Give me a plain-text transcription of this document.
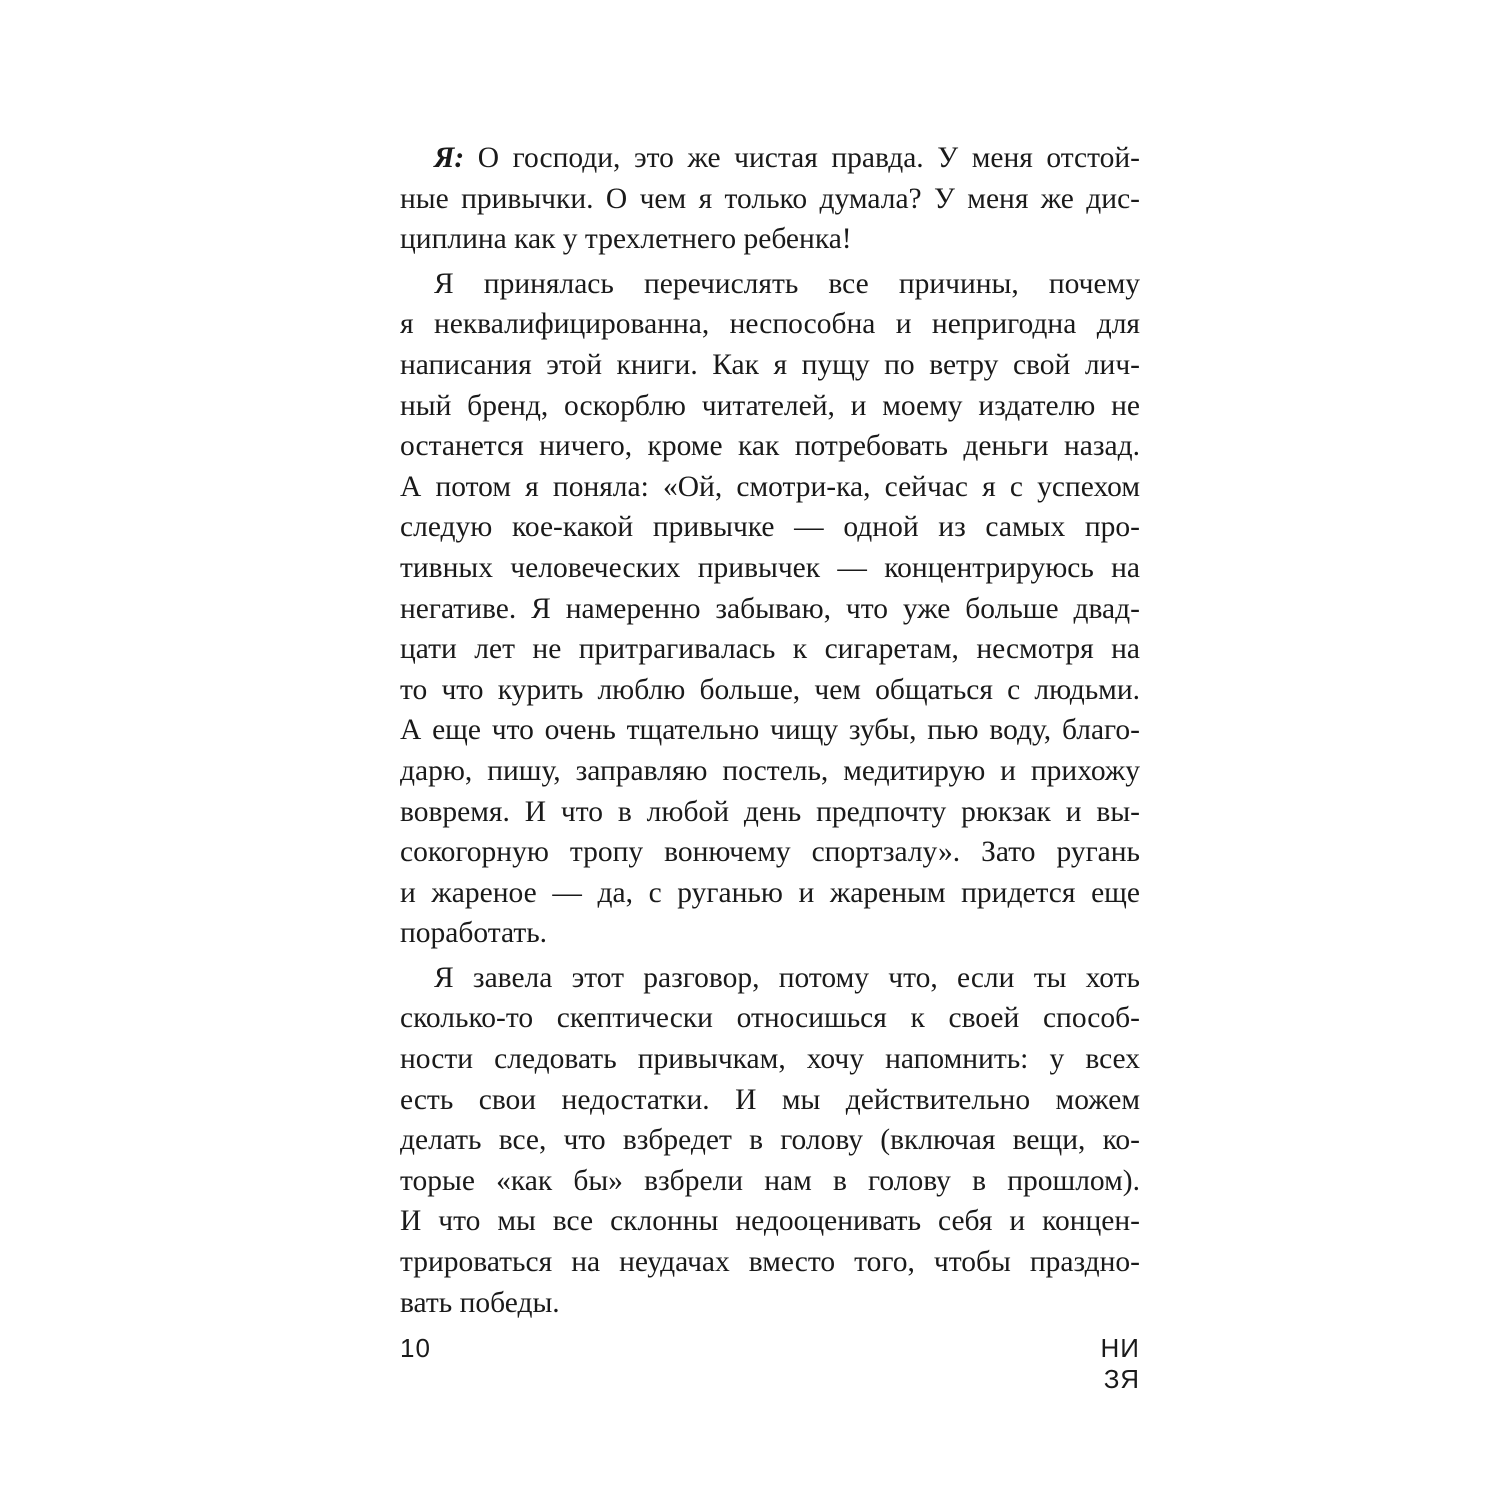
Я: О господи, это же чистая правда. У меня отстой-
ные привычки. О чем я только думала? У меня же дис-
циплина как у трехлетнего ребенка!
Я принялась перечислять все причины, почему
я неквалифицированна, неспособна и непригодна для
написания этой книги. Как я пущу по ветру свой лич-
ный бренд, оскорблю читателей, и моему издателю не
останется ничего, кроме как потребовать деньги назад.
А потом я поняла: «Ой, смотри-ка, сейчас я с успехом
следую кое-какой привычке — одной из самых про-
тивных человеческих привычек — концентрируюсь на
негативе. Я намеренно забываю, что уже больше двад-
цати лет не притрагивалась к сигаретам, несмотря на
то что курить люблю больше, чем общаться с людьми.
А еще что очень тщательно чищу зубы, пью воду, благо-
дарю, пишу, заправляю постель, медитирую и прихожу
вовремя. И что в любой день предпочту рюкзак и вы-
сокогорную тропу вонючему спортзалу». Зато ругань
и жареное — да, с руганью и жареным придется еще
поработать.
Я завела этот разговор, потому что, если ты хоть
сколько-то скептически относишься к своей способ-
ности следовать привычкам, хочу напомнить: у всех
есть свои недостатки. И мы действительно можем
делать все, что взбредет в голову (включая вещи, ко-
торые «как бы» взбрели нам в голову в прошлом).
И что мы все склонны недооценивать себя и концен-
трироваться на неудачах вместо того, чтобы праздно-
вать победы.
10	НИ ЗЯ
